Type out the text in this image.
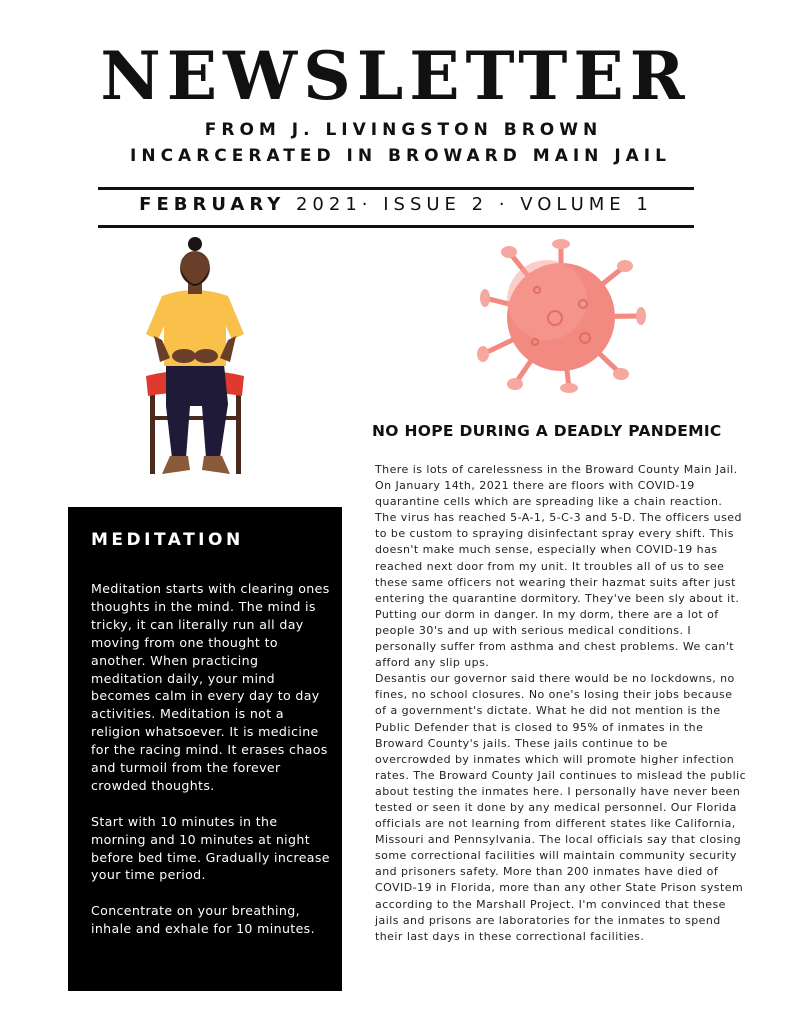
NEWSLETTER
FROM J. LIVINGSTON BROWN
INCARCERATED IN BROWARD MAIN JAIL
FEBRUARY 2021· ISSUE 2 · VOLUME 1
NO HOPE DURING A DEADLY PANDEMIC

There is lots of carelessness in the Broward County Main Jail. On January 14th, 2021 there are floors with COVID-19 quarantine cells which are spreading like a chain reaction. The virus has reached 5-A-1, 5-C-3 and 5-D. The officers used to be custom to spraying disinfectant spray every shift. This doesn't make much sense, especially when COVID-19 has reached next door from my unit. It troubles all of us to see these same officers not wearing their hazmat suits after just entering the quarantine dormitory. They've been sly about it. Putting our dorm in danger. In my dorm, there are a lot of people 30's and up with serious medical conditions. I personally suffer from asthma and chest problems. We can't afford any slip ups.

Desantis our governor said there would be no lockdowns, no fines, no school closures. No one's losing their jobs because of a government's dictate. What he did not mention is the Public Defender that is closed to 95% of inmates in the Broward County's jails. These jails continue to be overcrowded by inmates which will promote higher infection rates. The Broward County Jail continues to mislead the public about testing the inmates here. I personally have never been tested or seen it done by any medical personnel. Our Florida officials are not learning from different states like California, Missouri and Pennsylvania. The local officials say that closing some correctional facilities will maintain community security and prisoners safety. More than 200 inmates have died of COVID-19 in Florida, more than any other State Prison system according to the Marshall Project. I'm convinced that these jails and prisons are laboratories for the inmates to spend their last days in these correctional facilities.

MEDITATION

Meditation starts with clearing ones thoughts in the mind. The mind is tricky, it can literally run all day moving from one thought to another. When practicing meditation daily, your mind becomes calm in every day to day activities. Meditation is not a religion whatsoever. It is medicine for the racing mind. It erases chaos and turmoil from the forever crowded thoughts.

Start with 10 minutes in the morning and 10 minutes at night before bed time. Gradually increase your time period.

Concentrate on your breathing, inhale and exhale for 10 minutes.
